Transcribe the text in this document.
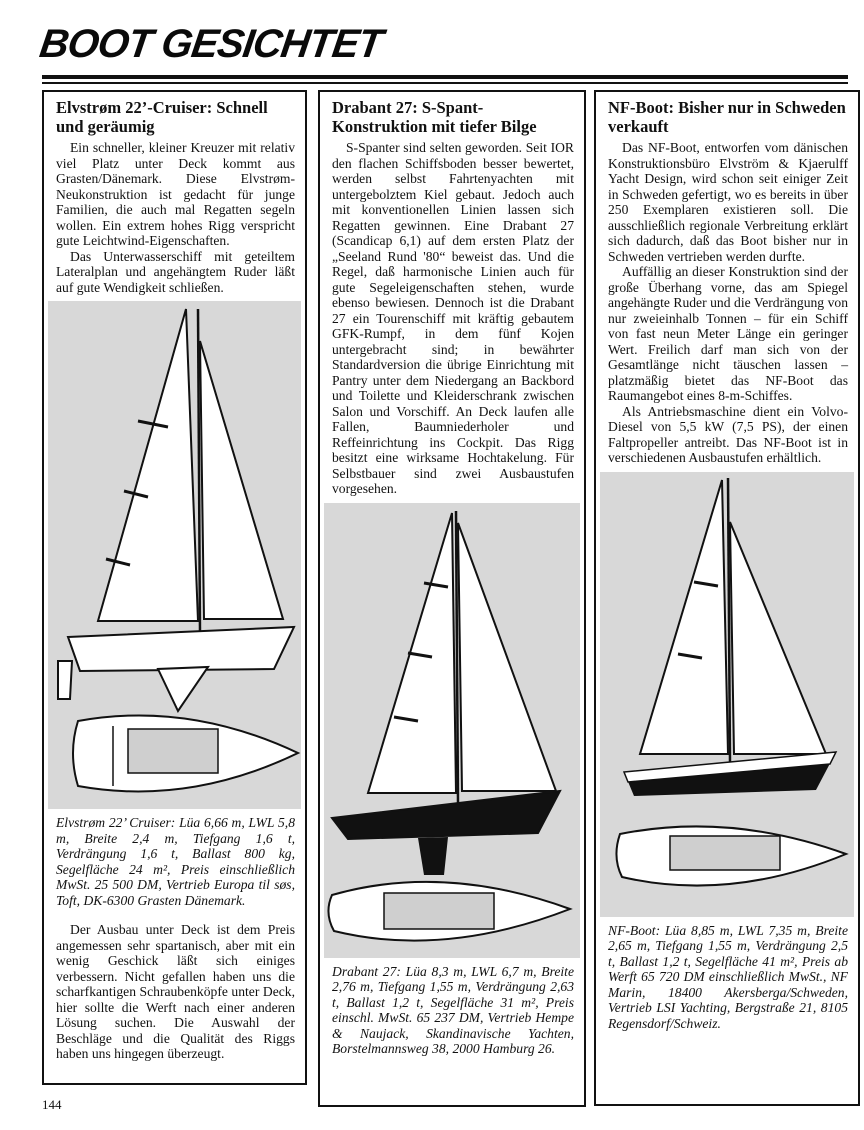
BOOT GESICHTET
Elvstrøm 22’-Cruiser: Schnell und geräumig

Ein schneller, kleiner Kreuzer mit relativ viel Platz unter Deck kommt aus Grasten/Dänemark. Diese Elvstrøm-Neukonstruktion ist gedacht für junge Familien, die auch mal Regatten segeln wollen. Ein extrem hohes Rigg verspricht gute Leichtwind-Eigenschaften.

Das Unterwasserschiff mit geteiltem Lateralplan und angehängtem Ruder läßt auf gute Wendigkeit schließen.

Elvstrøm 22’ Cruiser: Lüa 6,66 m, LWL 5,8 m, Breite 2,4 m, Tiefgang 1,6 t, Verdrängung 1,6 t, Ballast 800 kg, Segelfläche 24 m², Preis einschließlich MwSt. 25 500 DM, Vertrieb Europa til søs, Toft, DK-6300 Grasten Dänemark.

Der Ausbau unter Deck ist dem Preis angemessen sehr spartanisch, aber mit ein wenig Geschick läßt sich einiges verbessern. Nicht gefallen haben uns die scharfkantigen Schraubenköpfe unter Deck, hier sollte die Werft nach einer anderen Lösung suchen. Die Auswahl der Beschläge und die Qualität des Riggs haben uns hingegen überzeugt.

Drabant 27: S-Spant-Konstruktion mit tiefer Bilge

S-Spanter sind selten geworden. Seit IOR den flachen Schiffsboden besser bewertet, werden selbst Fahrtenyachten mit untergebolztem Kiel gebaut. Jedoch auch mit konventionellen Linien lassen sich Regatten gewinnen. Eine Drabant 27 (Scandicap 6,1) auf dem ersten Platz der „Seeland Rund '80“ beweist das. Und die Regel, daß harmonische Linien auch für gute Segeleigenschaften stehen, wurde ebenso bewiesen. Dennoch ist die Drabant 27 ein Tourenschiff mit kräftig gebautem GFK-Rumpf, in dem fünf Kojen untergebracht sind; in bewährter Standardversion die übrige Einrichtung mit Pantry unter dem Niedergang an Backbord und Toilette und Kleiderschrank zwischen Salon und Vorschiff. An Deck laufen alle Fallen, Baumniederholer und Reffeinrichtung ins Cockpit. Das Rigg besitzt eine wirksame Hochtakelung. Für Selbstbauer sind zwei Ausbaustufen vorgesehen.

Drabant 27: Lüa 8,3 m, LWL 6,7 m, Breite 2,76 m, Tiefgang 1,55 m, Verdrängung 2,63 t, Ballast 1,2 t, Segelfläche 31 m², Preis einschl. MwSt. 65 237 DM, Vertrieb Hempe & Naujack, Skandinavische Yachten, Borstelmannsweg 38, 2000 Hamburg 26.

NF-Boot: Bisher nur in Schweden verkauft

Das NF-Boot, entworfen vom dänischen Konstruktionsbüro Elvström & Kjaerulff Yacht Design, wird schon seit einiger Zeit in Schweden gefertigt, wo es bereits in über 250 Exemplaren existieren soll. Die ausschließlich regionale Verbreitung erklärt sich dadurch, daß das Boot bisher nur in Schweden vertrieben werden durfte.

Auffällig an dieser Konstruktion sind der große Überhang vorne, das am Spiegel angehängte Ruder und die Verdrängung von nur zweieinhalb Tonnen – für ein Schiff von fast neun Meter Länge ein geringer Wert. Freilich darf man sich von der Gesamtlänge nicht täuschen lassen – platzmäßig bietet das NF-Boot das Raumangebot eines 8-m-Schiffes.

Als Antriebsmaschine dient ein Volvo-Diesel von 5,5 kW (7,5 PS), der einen Faltpropeller antreibt. Das NF-Boot ist in verschiedenen Ausbaustufen erhältlich.

NF-Boot: Lüa 8,85 m, LWL 7,35 m, Breite 2,65 m, Tiefgang 1,55 m, Verdrängung 2,5 t, Ballast 1,2 t, Segelfläche 41 m², Preis ab Werft 65 720 DM einschließlich MwSt., NF Marin, 18400 Akersberga/Schweden, Vertrieb LSI Yachting, Bergstraße 21, 8105 Regensdorf/Schweiz.

144
